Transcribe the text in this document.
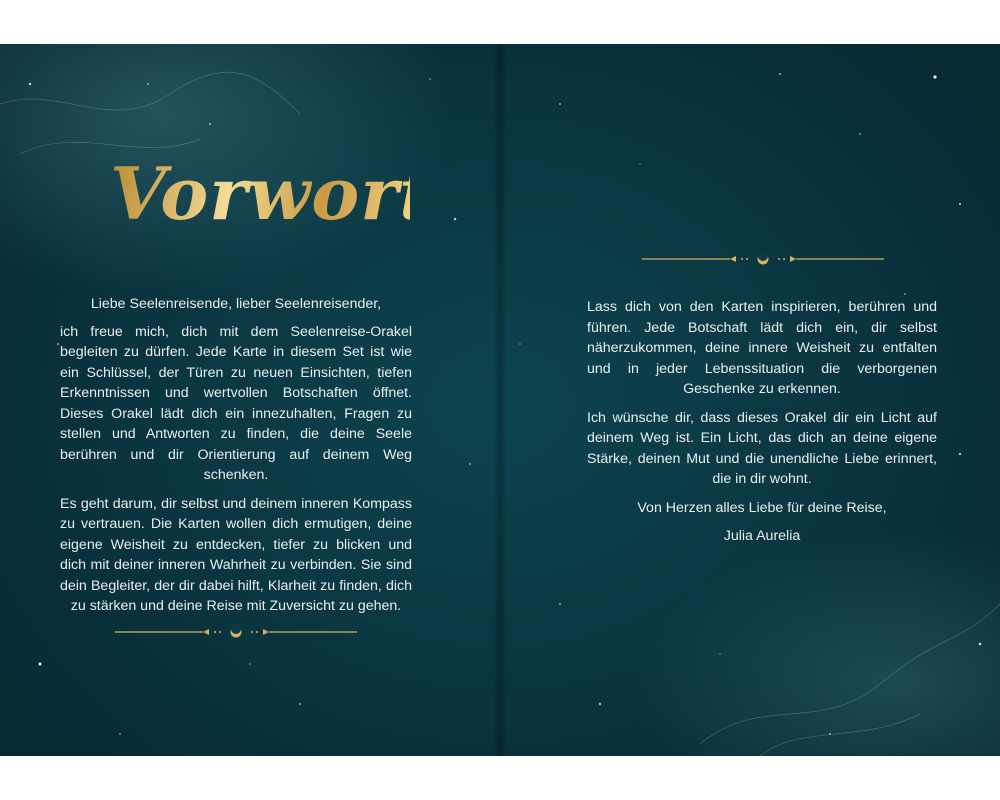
Vorwort

Liebe Seelenreisende, lieber Seelenreisender,

ich freue mich, dich mit dem Seelenreise-Orakel begleiten zu dürfen. Jede Karte in diesem Set ist wie ein Schlüssel, der Türen zu neuen Einsichten, tiefen Erkenntnissen und wertvollen Botschaften öffnet. Dieses Orakel lädt dich ein innezuhalten, Fragen zu stellen und Antworten zu finden, die deine Seele berühren und dir Orientierung auf deinem Weg schenken.

Es geht darum, dir selbst und deinem inneren Kompass zu vertrauen. Die Karten wollen dich ermutigen, deine eigene Weisheit zu entdecken, tiefer zu blicken und dich mit deiner inneren Wahrheit zu verbinden. Sie sind dein Begleiter, der dir dabei hilft, Klarheit zu finden, dich zu stärken und deine Reise mit Zuversicht zu gehen.

Lass dich von den Karten inspirieren, berühren und führen. Jede Botschaft lädt dich ein, dir selbst näherzukommen, deine innere Weisheit zu entfalten und in jeder Lebenssituation die verborgenen Geschenke zu erkennen.

Ich wünsche dir, dass dieses Orakel dir ein Licht auf deinem Weg ist. Ein Licht, das dich an deine eigene Stärke, deinen Mut und die unendliche Liebe erinnert, die in dir wohnt.

Von Herzen alles Liebe für deine Reise,

Julia Aurelia
